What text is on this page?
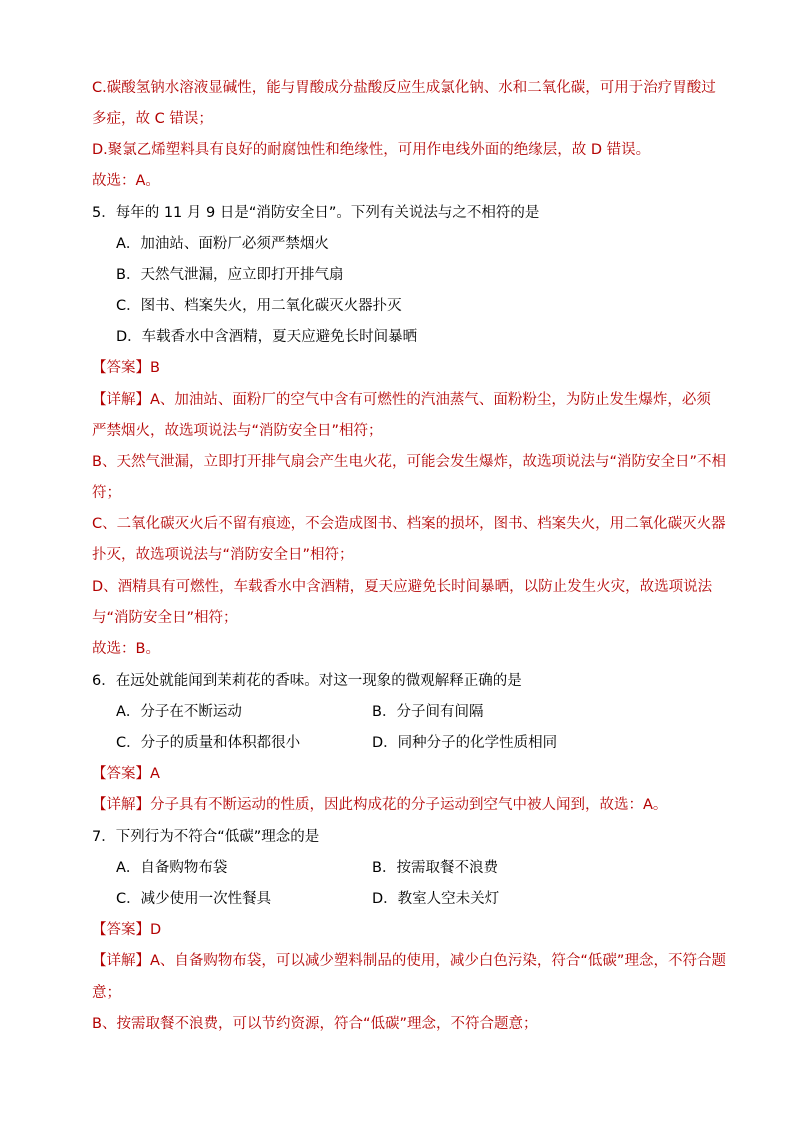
C.碳酸氢钠水溶液显碱性，能与胃酸成分盐酸反应生成氯化钠、水和二氧化碳，可用于治疗胃酸过
多症，故 C 错误；
D.聚氯乙烯塑料具有良好的耐腐蚀性和绝缘性，可用作电线外面的绝缘层，故 D 错误。
故选：A。
5．每年的 11 月 9 日是“消防安全日”。下列有关说法与之不相符的是
A．加油站、面粉厂必须严禁烟火
B．天然气泄漏，应立即打开排气扇
C．图书、档案失火，用二氧化碳灭火器扑灭
D．车载香水中含酒精，夏天应避免长时间暴晒
【答案】B
【详解】A、加油站、面粉厂的空气中含有可燃性的汽油蒸气、面粉粉尘，为防止发生爆炸，必须
严禁烟火，故选项说法与“消防安全日”相符；
B、天然气泄漏，立即打开排气扇会产生电火花，可能会发生爆炸，故选项说法与“消防安全日”不相
符；
C、二氧化碳灭火后不留有痕迹，不会造成图书、档案的损坏，图书、档案失火，用二氧化碳灭火器
扑灭，故选项说法与“消防安全日”相符；
D、酒精具有可燃性，车载香水中含酒精，夏天应避免长时间暴晒，以防止发生火灾，故选项说法
与“消防安全日”相符；
故选：B。
6．在远处就能闻到茉莉花的香味。对这一现象的微观解释正确的是
A．分子在不断运动	B．分子间有间隔
C．分子的质量和体积都很小	D．同种分子的化学性质相同
【答案】A
【详解】分子具有不断运动的性质，因此构成花的分子运动到空气中被人闻到，故选：A。
7．下列行为不符合“低碳”理念的是
A．自备购物布袋	B．按需取餐不浪费
C．减少使用一次性餐具	D．教室人空未关灯
【答案】D
【详解】A、自备购物布袋，可以减少塑料制品的使用，减少白色污染，符合“低碳”理念，不符合题
意；
B、按需取餐不浪费，可以节约资源，符合“低碳”理念，不符合题意；
